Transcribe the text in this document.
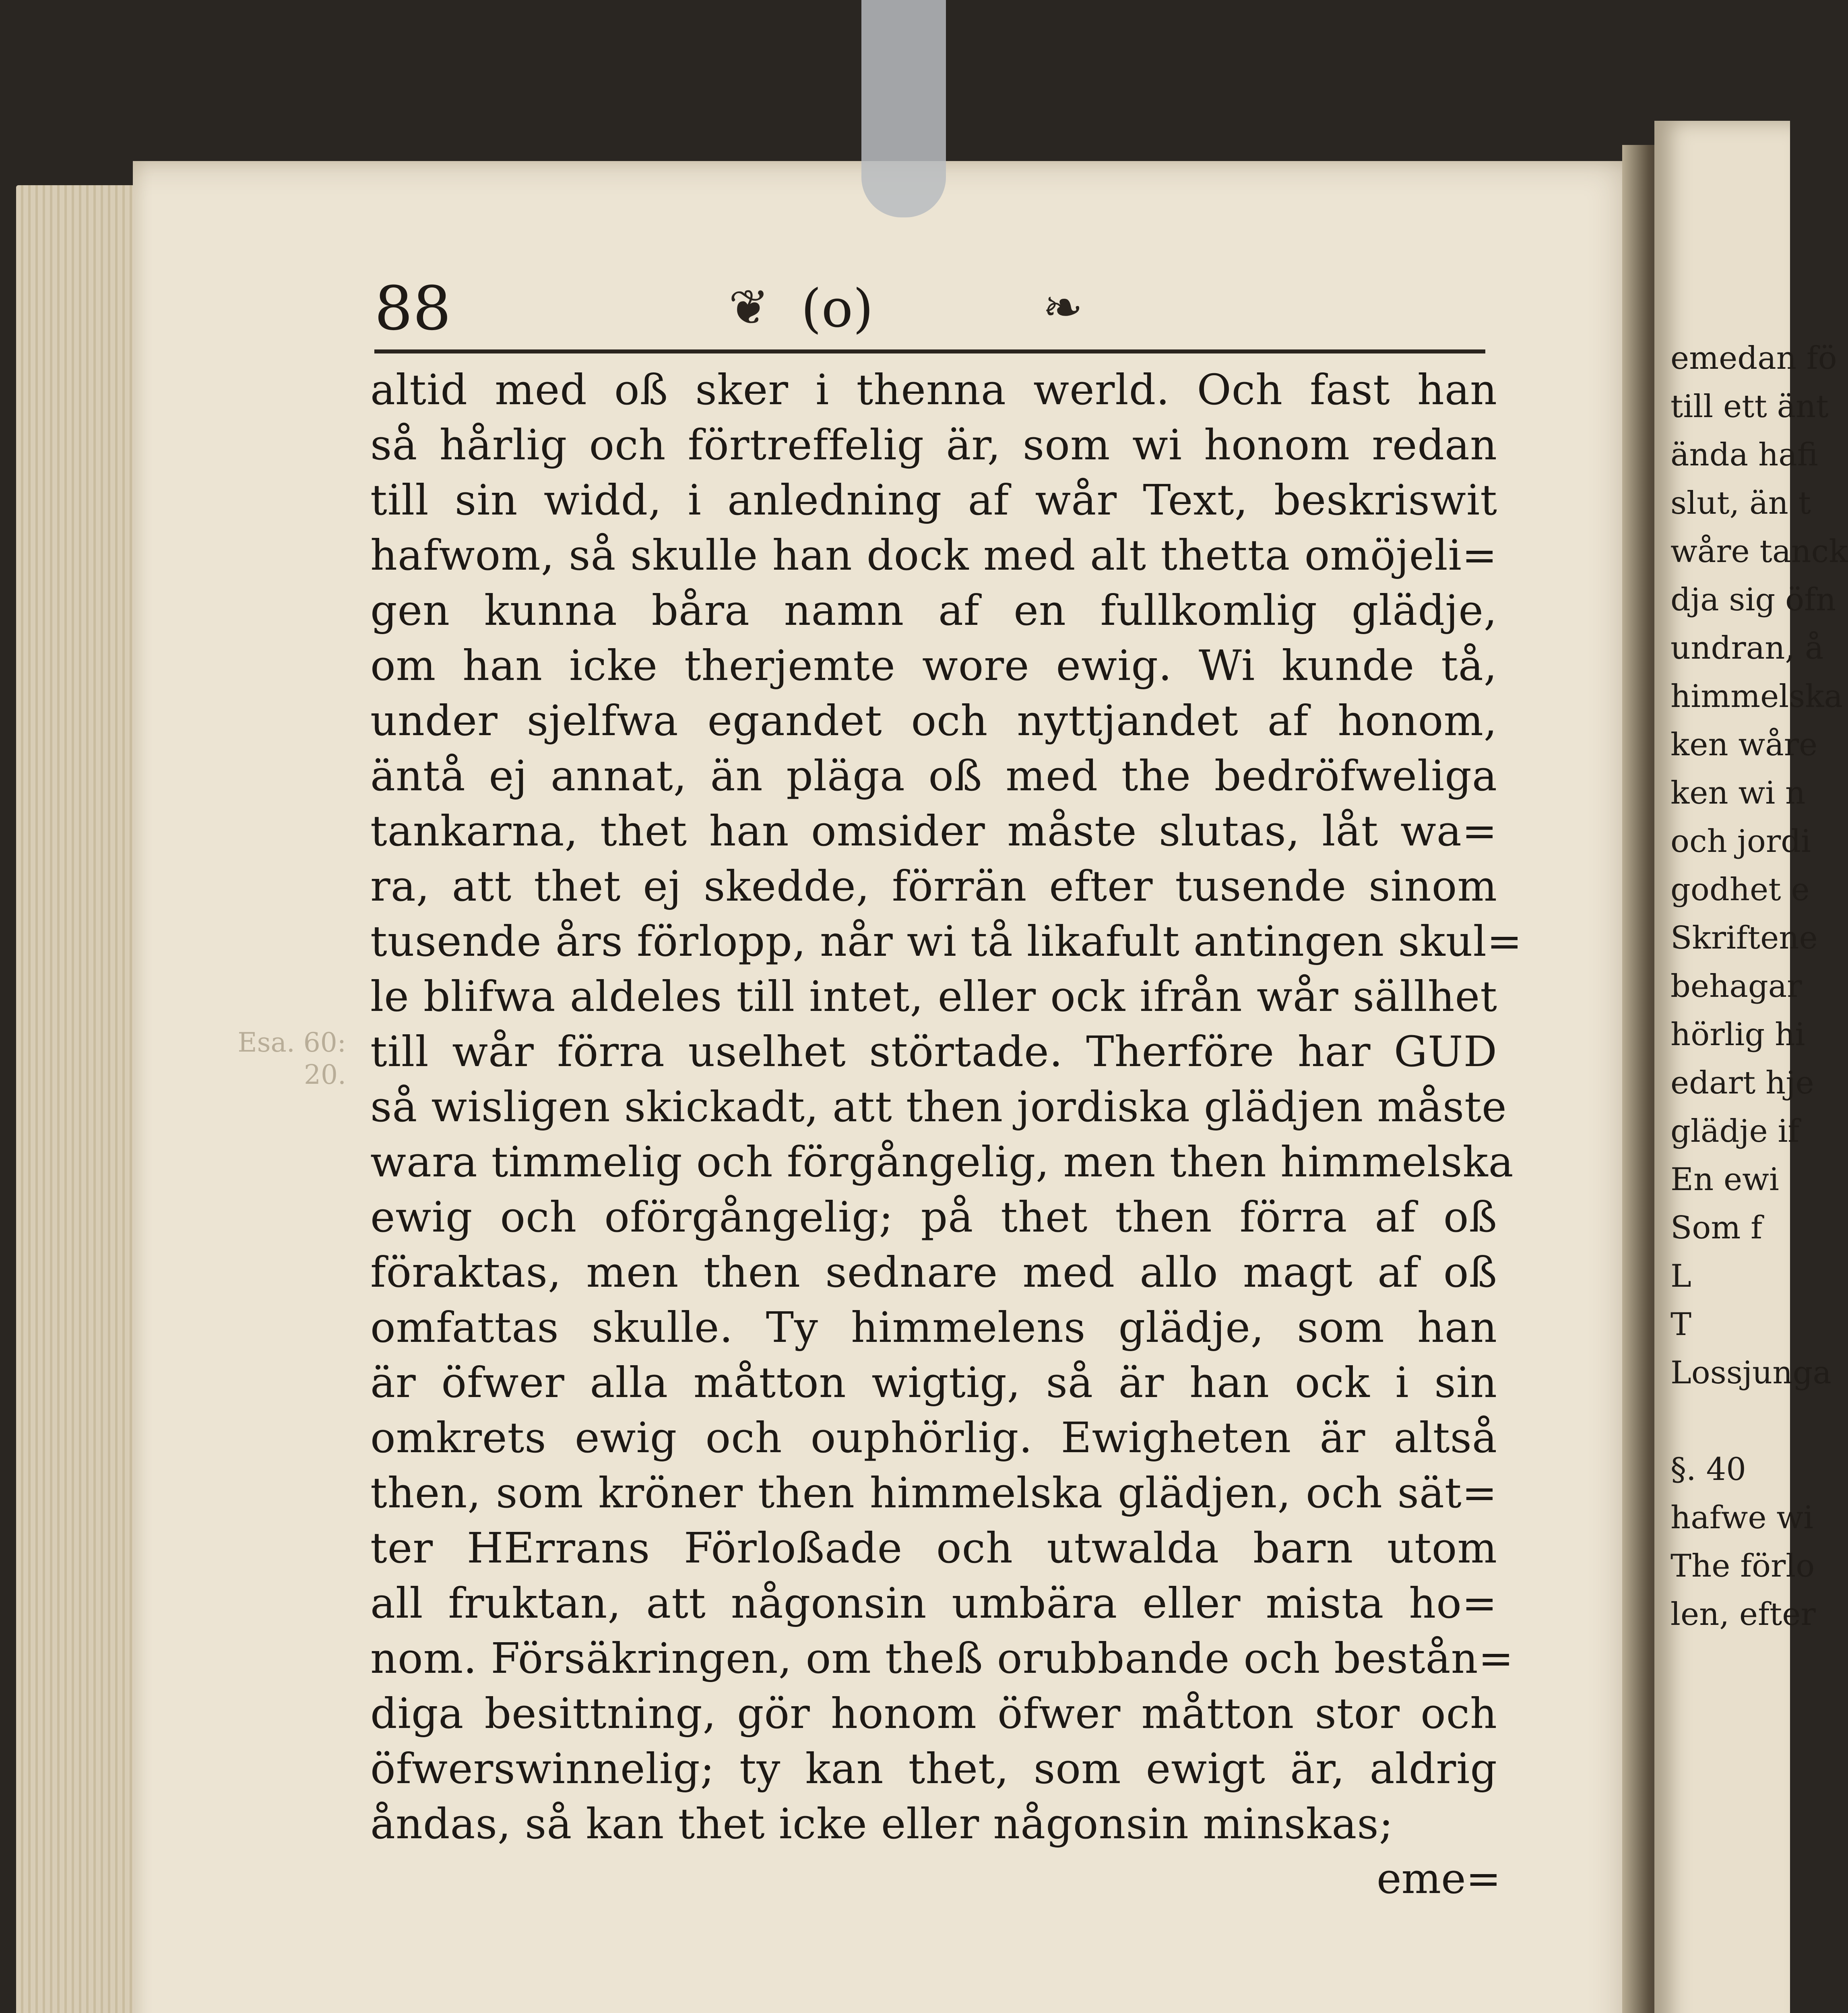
88	❦ (o)	❧
Esa. 60:
20.
altid med oß sker i thenna werld. Och fast han
så hårlig och förtreffelig är, som wi honom redan
till sin widd, i anledning af wår Text, beskriswit
hafwom, så skulle han dock med alt thetta omöjeli=
gen kunna båra namn af en fullkomlig glädje,
om han icke therjemte wore ewig. Wi kunde tå,
under sjelfwa egandet och nyttjandet af honom,
äntå ej annat, än pläga oß med the bedröfweliga
tankarna, thet han omsider måste slutas, låt wa=
ra, att thet ej skedde, förrän efter tusende sinom
tusende års förlopp, når wi tå likafult antingen skul=
le blifwa aldeles till intet, eller ock ifrån wår sällhet
till wår förra uselhet störtade. Therföre har GUD
så wisligen skickadt, att then jordiska glädjen måste
wara timmelig och förgångelig, men then himmelska
ewig och oförgångelig; på thet then förra af oß
föraktas, men then sednare med allo magt af oß
omfattas skulle. Ty himmelens glädje, som han
är öfwer alla måtton wigtig, så är han ock i sin
omkrets ewig och ouphörlig. Ewigheten är altså
then, som kröner then himmelska glädjen, och sät=
ter HErrans Förloßade och utwalda barn utom
all fruktan, att någonsin umbära eller mista ho=
nom. Försäkringen, om theß orubbande och bestån=
diga besittning, gör honom öfwer måtton stor och
öfwerswinnelig; ty kan thet, som ewigt är, aldrig
åndas, så kan thet icke eller någonsin minskas;
eme=
emedan fö
till ett änt
ända hafi
slut, än t
wåre tanck
dja sig öfn
undran, å
himmelska
ken wåre
ken wi n
och jordi
godhet e
Skriftene
behagar
hörlig hi
edart hje
glädje if
En ewi
Som f
L
T
Lossjunga
§. 40
hafwe wi
The förlo
len, efter
